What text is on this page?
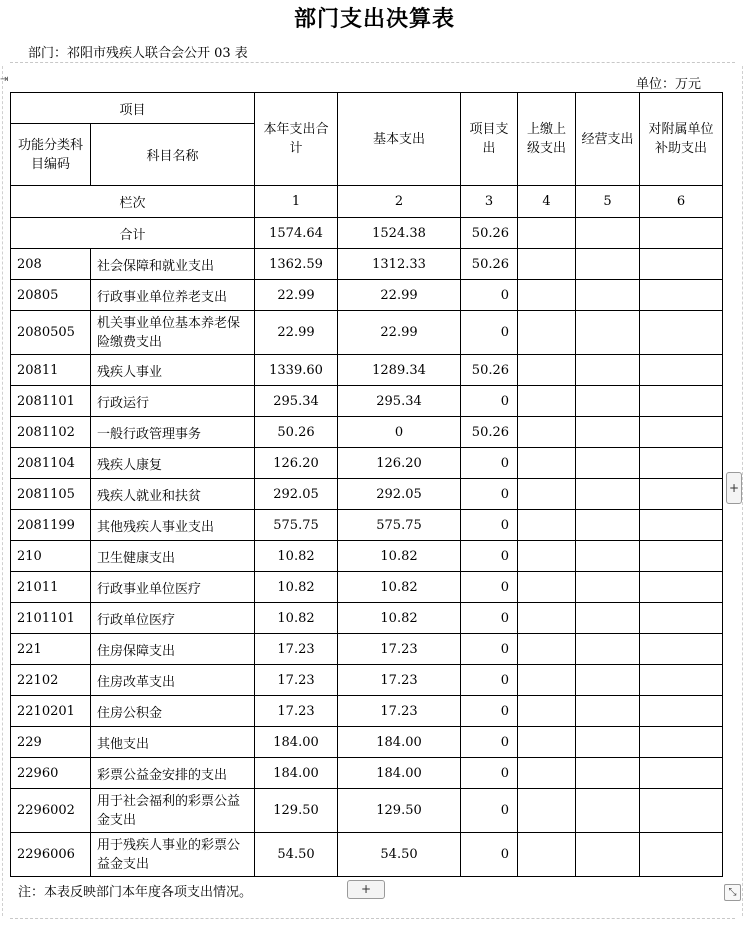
部门支出决算表
部门：祁阳市残疾人联合会公开 03 表
⇥	单位：万元
项目		本年支出合计	基本支出	项目支出	上缴上级支出	经营支出	对附属单位补助支出
功能分类科目编码	科目名称						
栏次		1	2	3	4	5	6
合计		1574.64	1524.38	50.26			
208	社会保障和就业支出	1362.59	1312.33	50.26			
20805	行政事业单位养老支出	22.99	22.99	0			
2080505	机关事业单位基本养老保险缴费支出	22.99	22.99	0			
20811	残疾人事业	1339.60	1289.34	50.26			
2081101	行政运行	295.34	295.34	0			
2081102	一般行政管理事务	50.26	0	50.26			
2081104	残疾人康复	126.20	126.20	0			
2081105	残疾人就业和扶贫	292.05	292.05	0			
2081199	其他残疾人事业支出	575.75	575.75	0			
210	卫生健康支出	10.82	10.82	0			
21011	行政事业单位医疗	10.82	10.82	0			
2101101	行政单位医疗	10.82	10.82	0			
221	住房保障支出	17.23	17.23	0			
22102	住房改革支出	17.23	17.23	0			
2210201	住房公积金	17.23	17.23	0			
229	其他支出	184.00	184.00	0			
22960	彩票公益金安排的支出	184.00	184.00	0			
2296002	用于社会福利的彩票公益金支出	129.50	129.50	0			
2296006	用于残疾人事业的彩票公益金支出	54.50	54.50	0			
注：本表反映部门本年度各项支出情况。	+
+
⤡
